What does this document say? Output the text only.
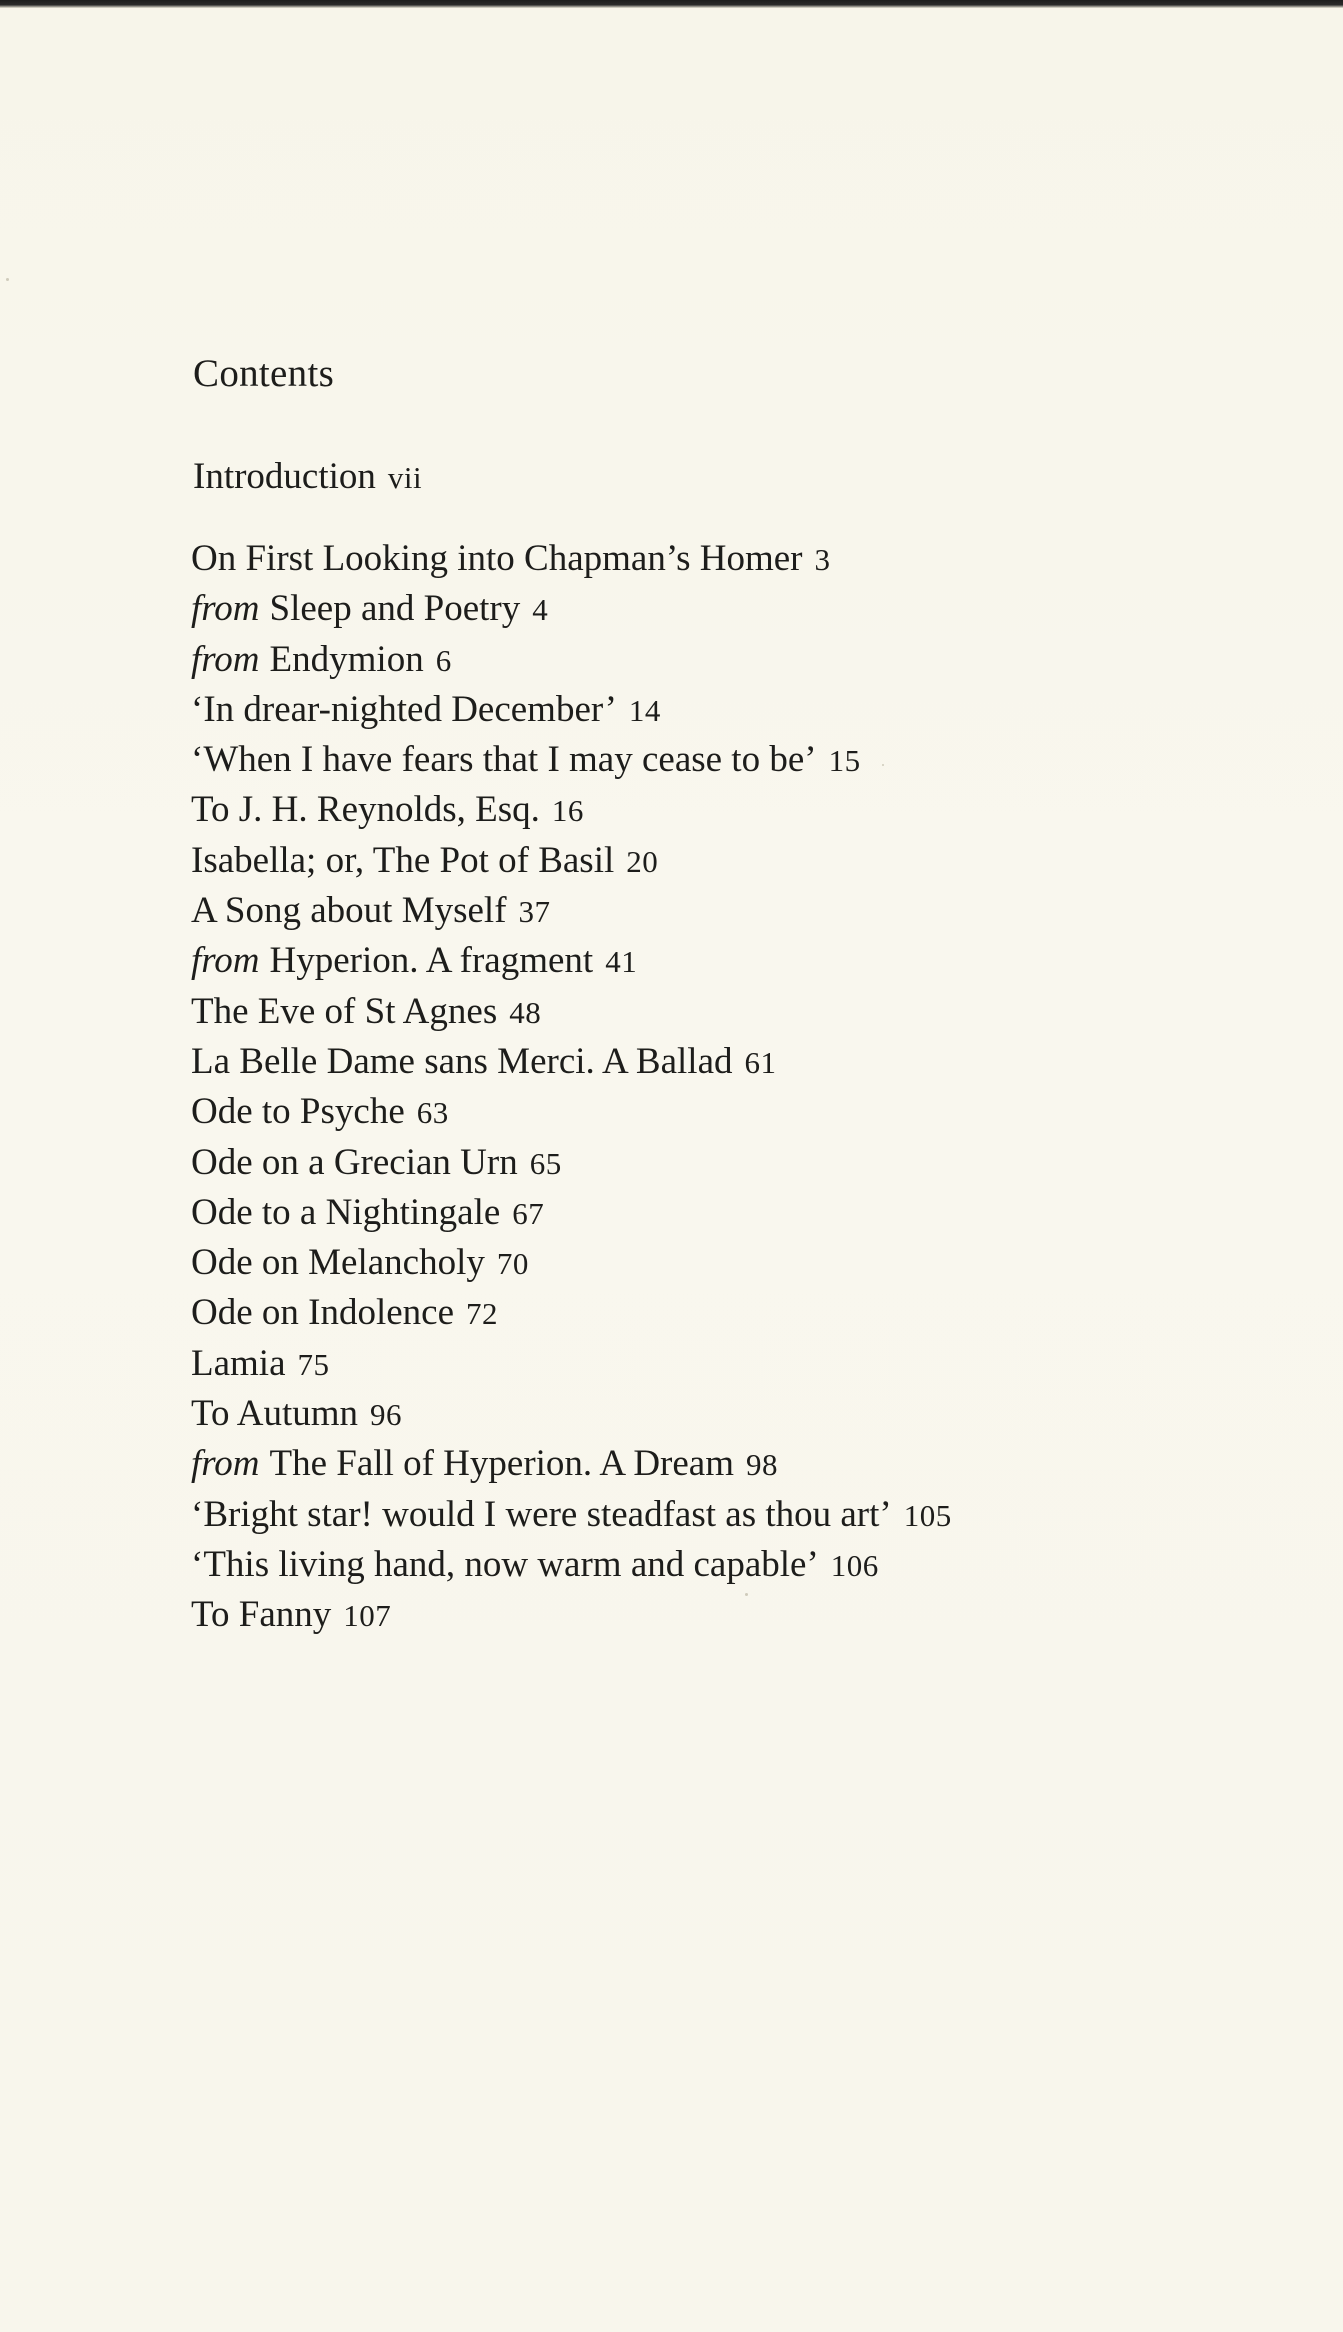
Contents

Introduction vii

On First Looking into Chapman’s Homer 3
from Sleep and Poetry 4
from Endymion 6
‘In drear-nighted December’ 14
‘When I have fears that I may cease to be’ 15
To J. H. Reynolds, Esq. 16
Isabella; or, The Pot of Basil 20
A Song about Myself 37
from Hyperion. A fragment 41
The Eve of St Agnes 48
La Belle Dame sans Merci. A Ballad 61
Ode to Psyche 63
Ode on a Grecian Urn 65
Ode to a Nightingale 67
Ode on Melancholy 70
Ode on Indolence 72
Lamia 75
To Autumn 96
from The Fall of Hyperion. A Dream 98
‘Bright star! would I were steadfast as thou art’ 105
‘This living hand, now warm and capable’ 106
To Fanny 107
